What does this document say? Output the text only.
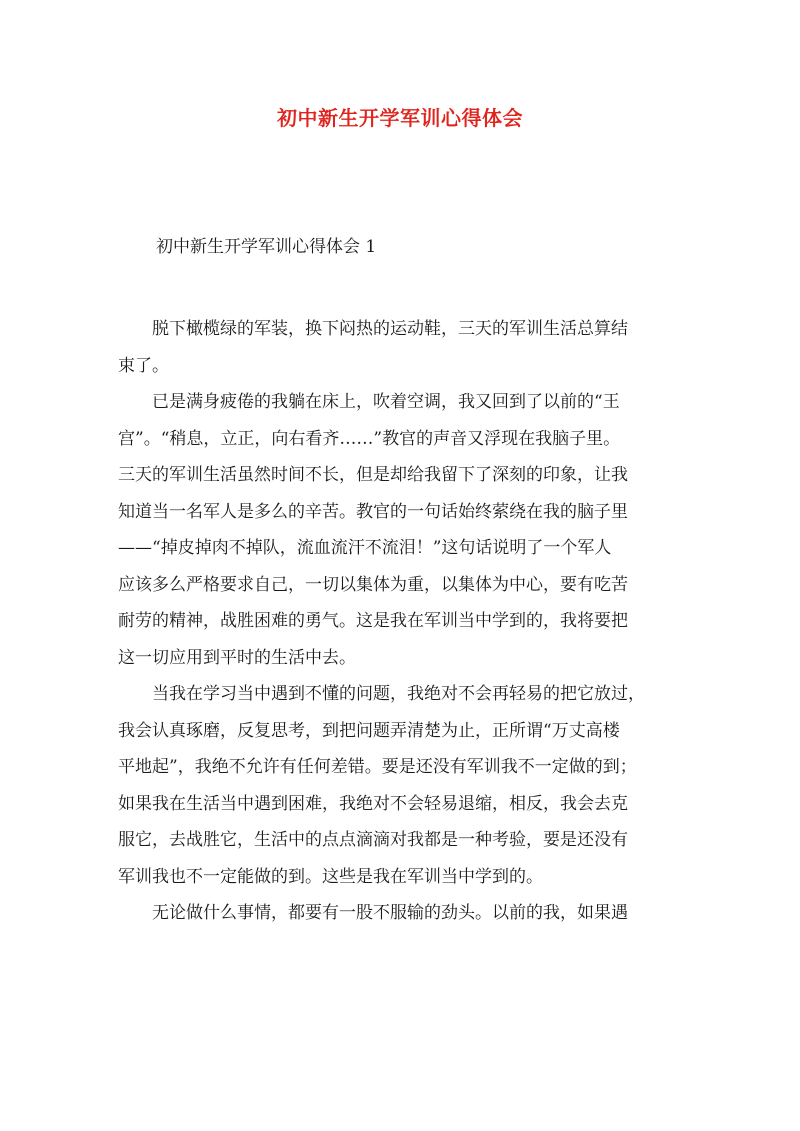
初中新生开学军训心得体会

初中新生开学军训心得体会 1

　　脱下橄榄绿的军装，换下闷热的运动鞋，三天的军训生活总算结
束了。
　　已是满身疲倦的我躺在床上，吹着空调，我又回到了以前的“王
宫”。“稍息，立正，向右看齐……”教官的声音又浮现在我脑子里。
三天的军训生活虽然时间不长，但是却给我留下了深刻的印象，让我
知道当一名军人是多么的辛苦。教官的一句话始终萦绕在我的脑子里
——“掉皮掉肉不掉队，流血流汗不流泪！”这句话说明了一个军人
应该多么严格要求自己，一切以集体为重，以集体为中心，要有吃苦
耐劳的精神，战胜困难的勇气。这是我在军训当中学到的，我将要把
这一切应用到平时的生活中去。
　　当我在学习当中遇到不懂的问题，我绝对不会再轻易的把它放过，
我会认真琢磨，反复思考，到把问题弄清楚为止，正所谓“万丈高楼
平地起”，我绝不允许有任何差错。要是还没有军训我不一定做的到；
如果我在生活当中遇到困难，我绝对不会轻易退缩，相反，我会去克
服它，去战胜它，生活中的点点滴滴对我都是一种考验，要是还没有
军训我也不一定能做的到。这些是我在军训当中学到的。
　　无论做什么事情，都要有一股不服输的劲头。以前的我，如果遇
